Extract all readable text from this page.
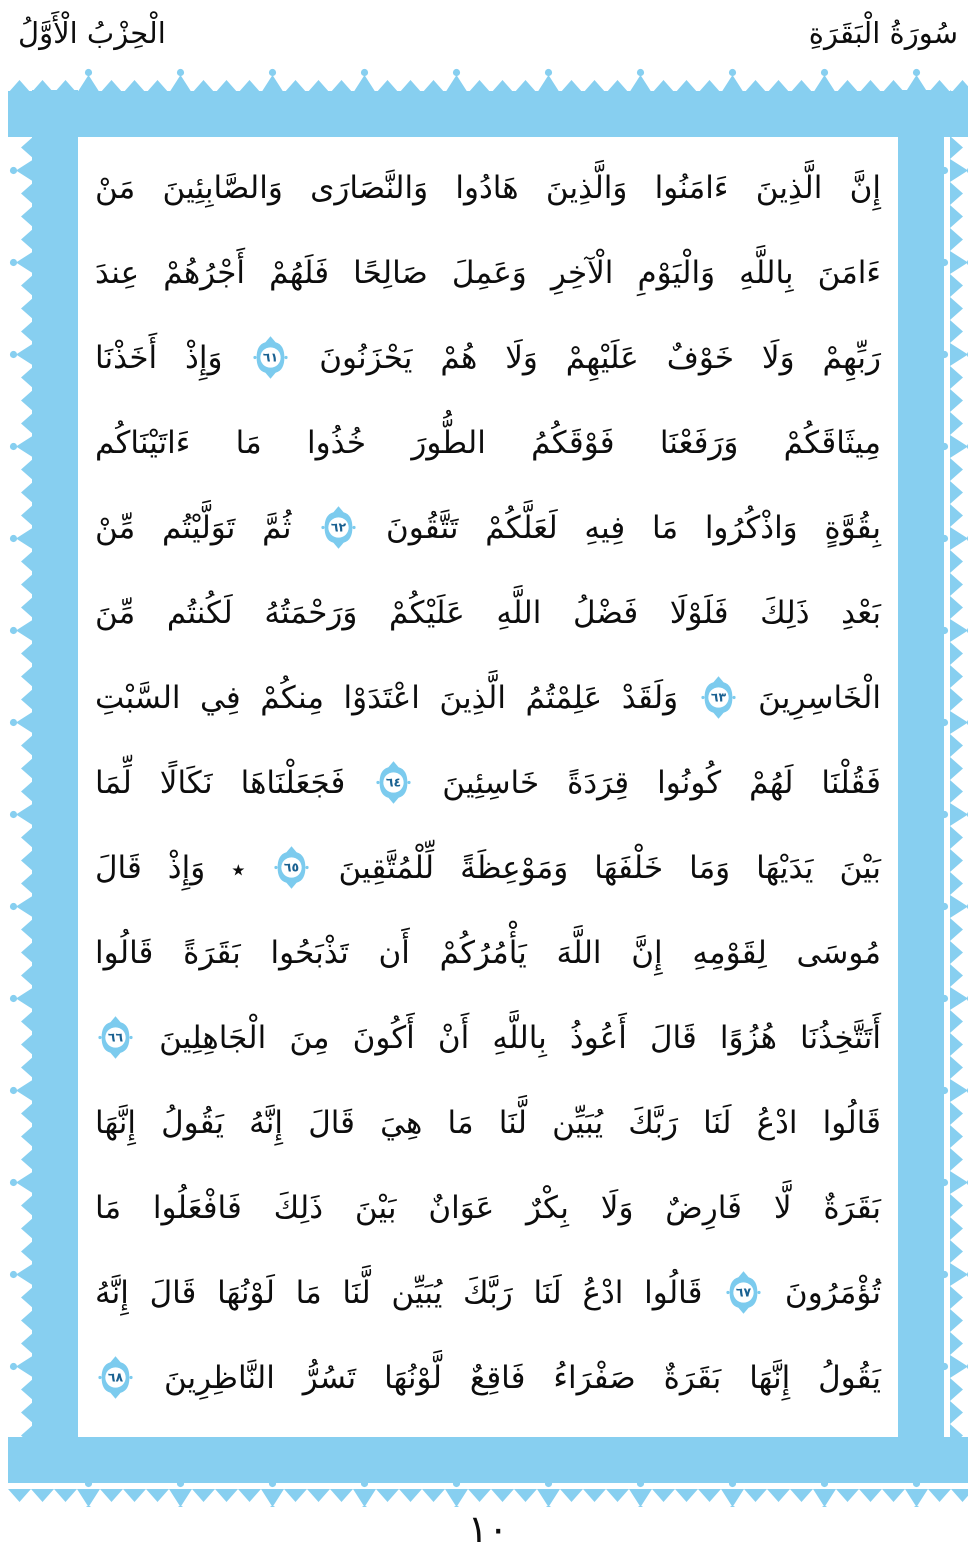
سُورَةُ الْبَقَرَةِ
الْحِزْبُ الْأَوَّلُ
إِنَّ الَّذِينَ ءَامَنُوا وَالَّذِينَ هَادُوا وَالنَّصَارَى وَالصَّابِئِينَ مَنْ
ءَامَنَ بِاللَّهِ وَالْيَوْمِ الْآخِرِ وَعَمِلَ صَالِحًا فَلَهُمْ أَجْرُهُمْ عِندَ
رَبِّهِمْ وَلَا خَوْفٌ عَلَيْهِمْ وَلَا هُمْ يَحْزَنُونَ
٦١
وَإِذْ أَخَذْنَا
مِيثَاقَكُمْ وَرَفَعْنَا فَوْقَكُمُ الطُّورَ خُذُوا مَا ءَاتَيْنَاكُم
بِقُوَّةٍ وَاذْكُرُوا مَا فِيهِ لَعَلَّكُمْ تَتَّقُونَ
٦٢
ثُمَّ تَوَلَّيْتُم مِّنْ
بَعْدِ ذَلِكَ فَلَوْلَا فَضْلُ اللَّهِ عَلَيْكُمْ وَرَحْمَتُهُ لَكُنتُم مِّنَ
الْخَاسِرِينَ
٦٣
وَلَقَدْ عَلِمْتُمُ الَّذِينَ اعْتَدَوْا مِنكُمْ فِي السَّبْتِ
فَقُلْنَا لَهُمْ كُونُوا قِرَدَةً خَاسِئِينَ
٦٤
فَجَعَلْنَاهَا نَكَالًا لِّمَا
بَيْنَ يَدَيْهَا وَمَا خَلْفَهَا وَمَوْعِظَةً لِّلْمُتَّقِينَ
٦٥
٭ وَإِذْ قَالَ
مُوسَى لِقَوْمِهِ إِنَّ اللَّهَ يَأْمُرُكُمْ أَن تَذْبَحُوا بَقَرَةً قَالُوا
أَتَتَّخِذُنَا هُزُوًا قَالَ أَعُوذُ بِاللَّهِ أَنْ أَكُونَ مِنَ الْجَاهِلِينَ
٦٦
قَالُوا ادْعُ لَنَا رَبَّكَ يُبَيِّن لَّنَا مَا هِيَ قَالَ إِنَّهُ يَقُولُ إِنَّهَا
بَقَرَةٌ لَّا فَارِضٌ وَلَا بِكْرٌ عَوَانٌ بَيْنَ ذَلِكَ فَافْعَلُوا مَا
تُؤْمَرُونَ
٦٧
قَالُوا ادْعُ لَنَا رَبَّكَ يُبَيِّن لَّنَا مَا لَوْنُهَا قَالَ إِنَّهُ
يَقُولُ إِنَّهَا بَقَرَةٌ صَفْرَاءُ فَاقِعٌ لَّوْنُهَا تَسُرُّ النَّاظِرِينَ
٦٨
١٠
